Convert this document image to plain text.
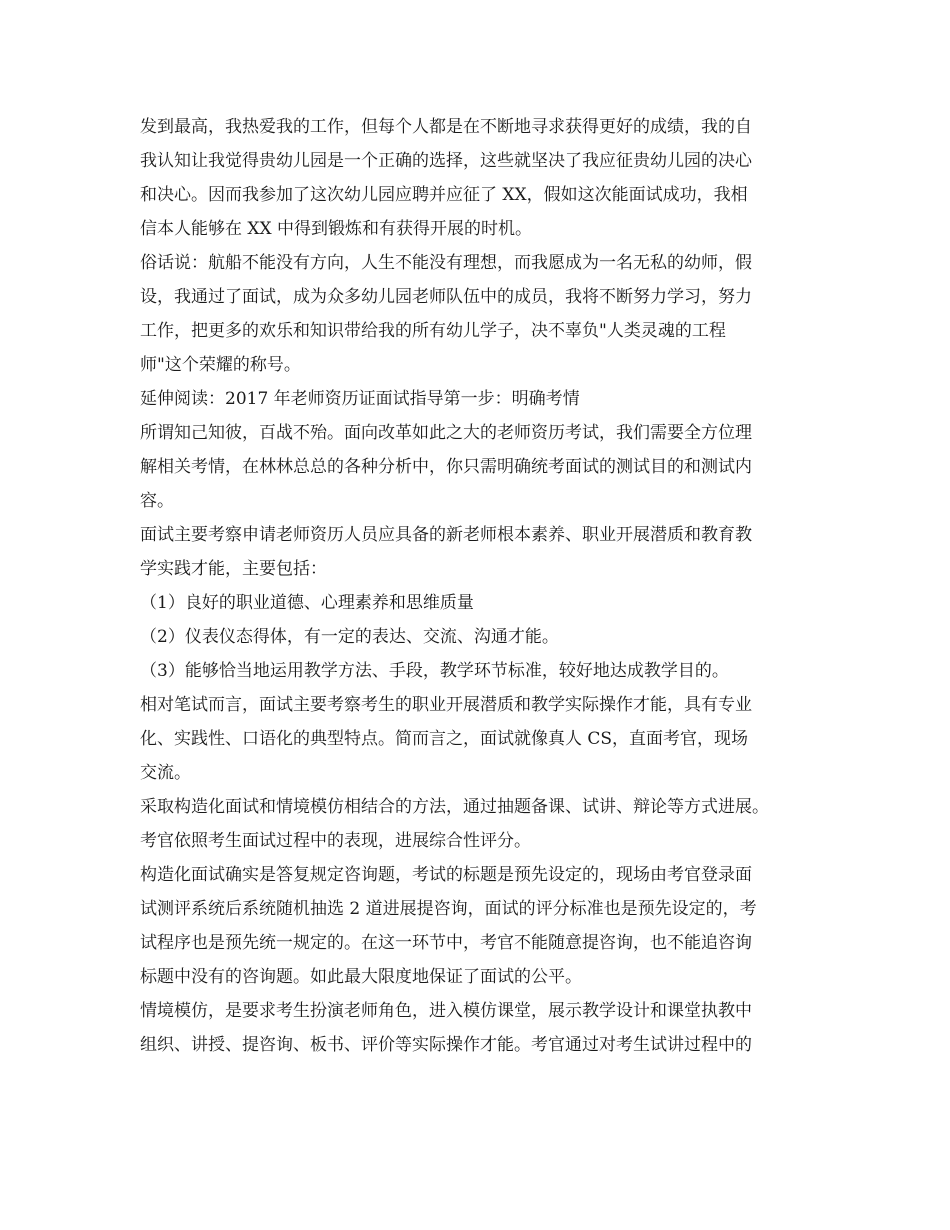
发到最高，我热爱我的工作，但每个人都是在不断地寻求获得更好的成绩，我的自
我认知让我觉得贵幼儿园是一个正确的选择，这些就坚决了我应征贵幼儿园的决心
和决心。因而我参加了这次幼儿园应聘并应征了 XX，假如这次能面试成功，我相
信本人能够在 XX 中得到锻炼和有获得开展的时机。
俗话说：航船不能没有方向，人生不能没有理想，而我愿成为一名无私的幼师，假
设，我通过了面试，成为众多幼儿园老师队伍中的成员，我将不断努力学习，努力
工作，把更多的欢乐和知识带给我的所有幼儿学子，决不辜负"人类灵魂的工程
师"这个荣耀的称号。
延伸阅读：2017 年老师资历证面试指导第一步：明确考情
所谓知己知彼，百战不殆。面向改革如此之大的老师资历考试，我们需要全方位理
解相关考情，在林林总总的各种分析中，你只需明确统考面试的测试目的和测试内
容。
面试主要考察申请老师资历人员应具备的新老师根本素养、职业开展潜质和教育教
学实践才能，主要包括：
（1）良好的职业道德、心理素养和思维质量
（2）仪表仪态得体，有一定的表达、交流、沟通才能。
（3）能够恰当地运用教学方法、手段，教学环节标准，较好地达成教学目的。
相对笔试而言，面试主要考察考生的职业开展潜质和教学实际操作才能，具有专业
化、实践性、口语化的典型特点。简而言之，面试就像真人 CS，直面考官，现场
交流。
采取构造化面试和情境模仿相结合的方法，通过抽题备课、试讲、辩论等方式进展。
考官依照考生面试过程中的表现，进展综合性评分。
构造化面试确实是答复规定咨询题，考试的标题是预先设定的，现场由考官登录面
试测评系统后系统随机抽选 2 道进展提咨询，面试的评分标准也是预先设定的，考
试程序也是预先统一规定的。在这一环节中，考官不能随意提咨询，也不能追咨询
标题中没有的咨询题。如此最大限度地保证了面试的公平。
情境模仿，是要求考生扮演老师角色，进入模仿课堂，展示教学设计和课堂执教中
组织、讲授、提咨询、板书、评价等实际操作才能。考官通过对考生试讲过程中的
